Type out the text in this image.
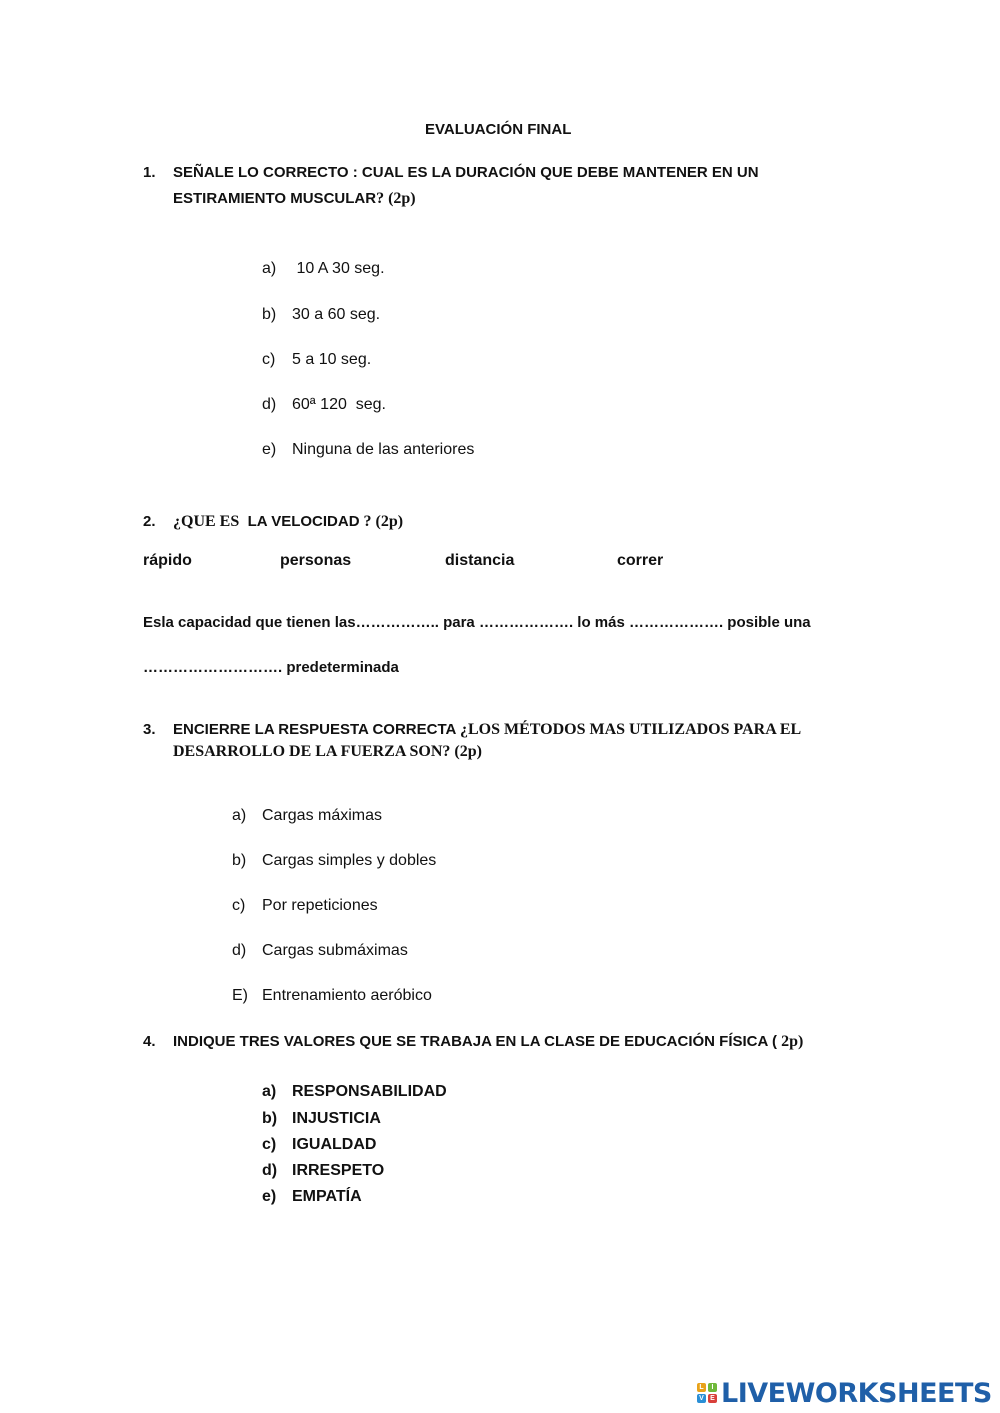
EVALUACIÓN FINAL
1. SEÑALE LO CORRECTO : CUAL ES LA DURACIÓN QUE DEBE MANTENER EN UN
ESTIRAMIENTO MUSCULAR? (2p)
a) 10 A 30 seg.
b) 30 a 60 seg.
c) 5 a 10 seg.
d) 60ª 120  seg.
e) Ninguna de las anteriores
2. ¿QUE ES  LA VELOCIDAD ? (2p)
rápido	personas	distancia	correr
Esla capacidad que tienen las…………….. para ………………. lo más ………………. posible una
………………………. predeterminada
3. ENCIERRE LA RESPUESTA CORRECTA ¿LOS MÉTODOS MAS UTILIZADOS PARA EL
DESARROLLO DE LA FUERZA SON? (2p)
a) Cargas máximas
b) Cargas simples y dobles
c) Por repeticiones
d) Cargas submáximas
E) Entrenamiento aeróbico
4. INDIQUE TRES VALORES QUE SE TRABAJA EN LA CLASE DE EDUCACIÓN FÍSICA ( 2p)
a) RESPONSABILIDAD
b) INJUSTICIA
c) IGUALDAD
d) IRRESPETO
e) EMPATÍA
L	I
V E LIVEWORKSHEETS
